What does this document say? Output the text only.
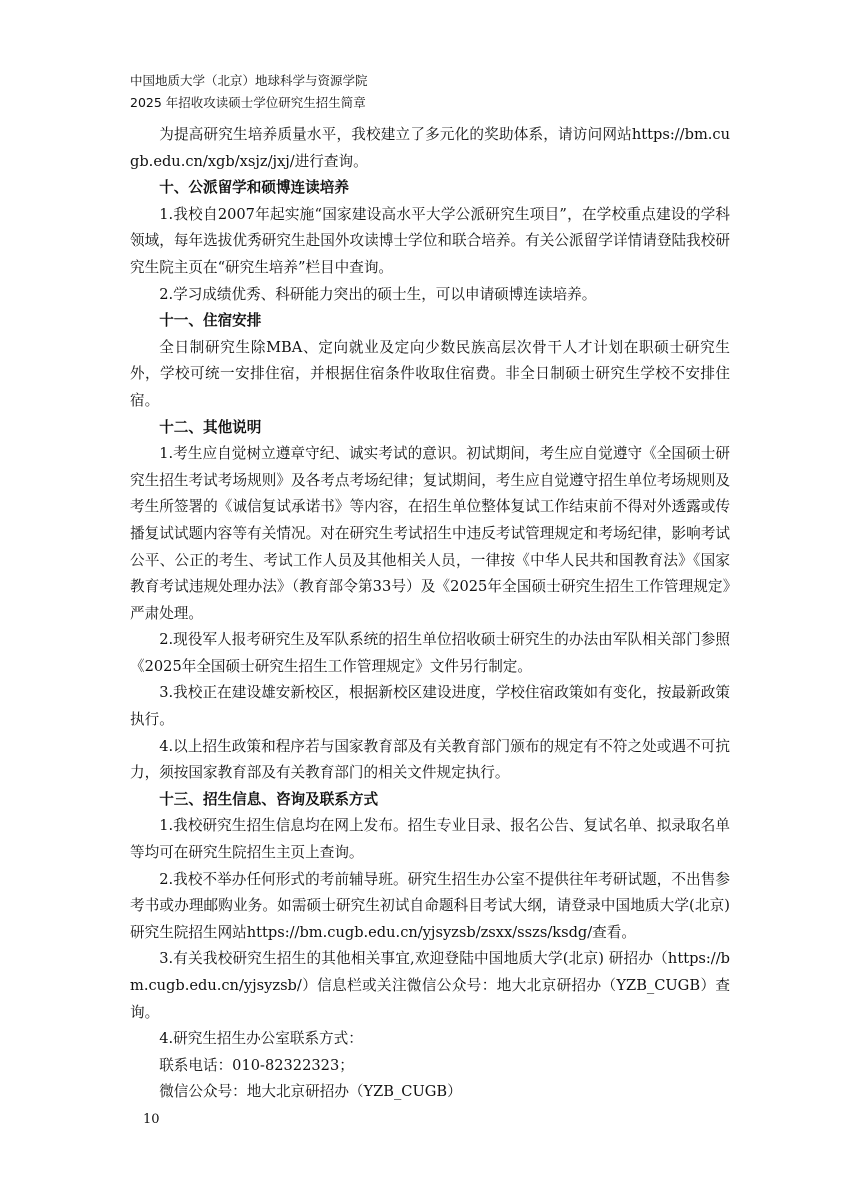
中国地质大学（北京）地球科学与资源学院
2025 年招收攻读硕士学位研究生招生简章

为提高研究生培养质量水平，我校建立了多元化的奖助体系，请访问网站https://bm.cugb.edu.cn/xgb/xsjz/jxj/进行查询。

十、公派留学和硕博连读培养

1.我校自2007年起实施“国家建设高水平大学公派研究生项目”，在学校重点建设的学科领域，每年选拔优秀研究生赴国外攻读博士学位和联合培养。有关公派留学详情请登陆我校研究生院主页在“研究生培养”栏目中查询。

2.学习成绩优秀、科研能力突出的硕士生，可以申请硕博连读培养。

十一、住宿安排

全日制研究生除MBA、定向就业及定向少数民族高层次骨干人才计划在职硕士研究生外，学校可统一安排住宿，并根据住宿条件收取住宿费。非全日制硕士研究生学校不安排住宿。

十二、其他说明

1.考生应自觉树立遵章守纪、诚实考试的意识。初试期间，考生应自觉遵守《全国硕士研究生招生考试考场规则》及各考点考场纪律；复试期间，考生应自觉遵守招生单位考场规则及考生所签署的《诚信复试承诺书》等内容，在招生单位整体复试工作结束前不得对外透露或传播复试试题内容等有关情况。对在研究生考试招生中违反考试管理规定和考场纪律，影响考试公平、公正的考生、考试工作人员及其他相关人员，一律按《中华人民共和国教育法》《国家教育考试违规处理办法》（教育部令第33号）及《2025年全国硕士研究生招生工作管理规定》严肃处理。

2.现役军人报考研究生及军队系统的招生单位招收硕士研究生的办法由军队相关部门参照《2025年全国硕士研究生招生工作管理规定》文件另行制定。

3.我校正在建设雄安新校区，根据新校区建设进度，学校住宿政策如有变化，按最新政策执行。

4.以上招生政策和程序若与国家教育部及有关教育部门颁布的规定有不符之处或遇不可抗力，须按国家教育部及有关教育部门的相关文件规定执行。

十三、招生信息、咨询及联系方式

1.我校研究生招生信息均在网上发布。招生专业目录、报名公告、复试名单、拟录取名单等均可在研究生院招生主页上查询。

2.我校不举办任何形式的考前辅导班。研究生招生办公室不提供往年考研试题，不出售参考书或办理邮购业务。如需硕士研究生初试自命题科目考试大纲，请登录中国地质大学(北京)研究生院招生网站https://bm.cugb.edu.cn/yjsyzsb/zsxx/sszs/ksdg/查看。

3.有关我校研究生招生的其他相关事宜,欢迎登陆中国地质大学(北京) 研招办（https://bm.cugb.edu.cn/yjsyzsb/）信息栏或关注微信公众号：地大北京研招办（YZB_CUGB）查询。

4.研究生招生办公室联系方式：

联系电话：010-82322323；

微信公众号：地大北京研招办（YZB_CUGB）

10
